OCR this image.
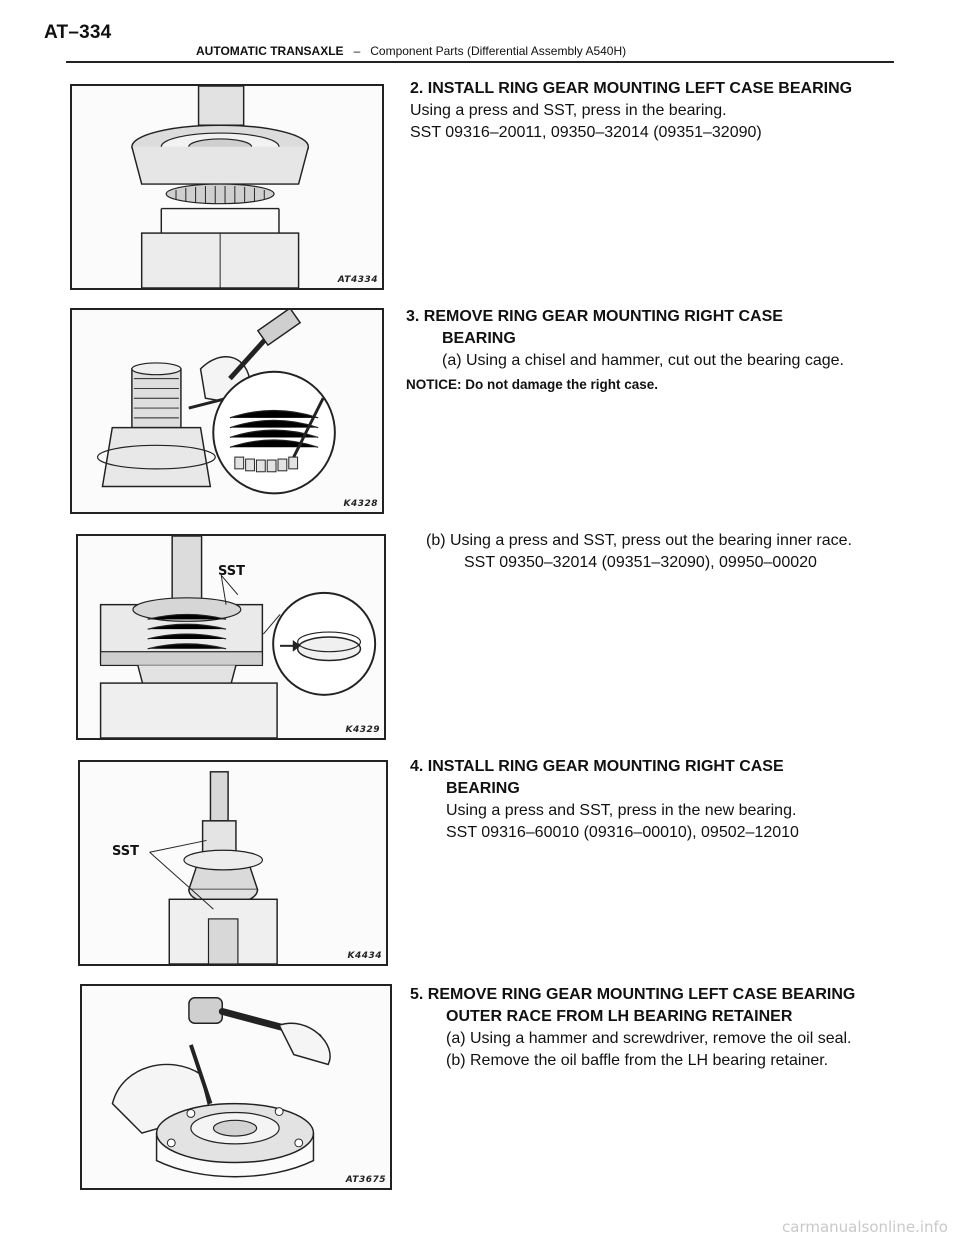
AT–334
AUTOMATIC TRANSAXLE – Component Parts (Differential Assembly A540H)
AT4334
2. INSTALL RING GEAR MOUNTING LEFT CASE BEARING
Using a press and SST, press in the bearing.
SST 09316–20011, 09350–32014 (09351–32090)
K4328
3. REMOVE RING GEAR MOUNTING RIGHT CASE
BEARING
(a) Using a chisel and hammer, cut out the bearing cage.
NOTICE: Do not damage the right case.
(b) Using a press and SST, press out the bearing inner race.
SST 09350–32014 (09351–32090), 09950–00020
SST
K4329
SST
K4434
4. INSTALL RING GEAR MOUNTING RIGHT CASE
BEARING
Using a press and SST, press in the new bearing.
SST 09316–60010 (09316–00010), 09502–12010
AT3675
5. REMOVE RING GEAR MOUNTING LEFT CASE BEARING
OUTER RACE FROM LH BEARING RETAINER
(a) Using a hammer and screwdriver, remove the oil seal.
(b) Remove the oil baffle from the LH bearing retainer.
carmanualsonline.info
